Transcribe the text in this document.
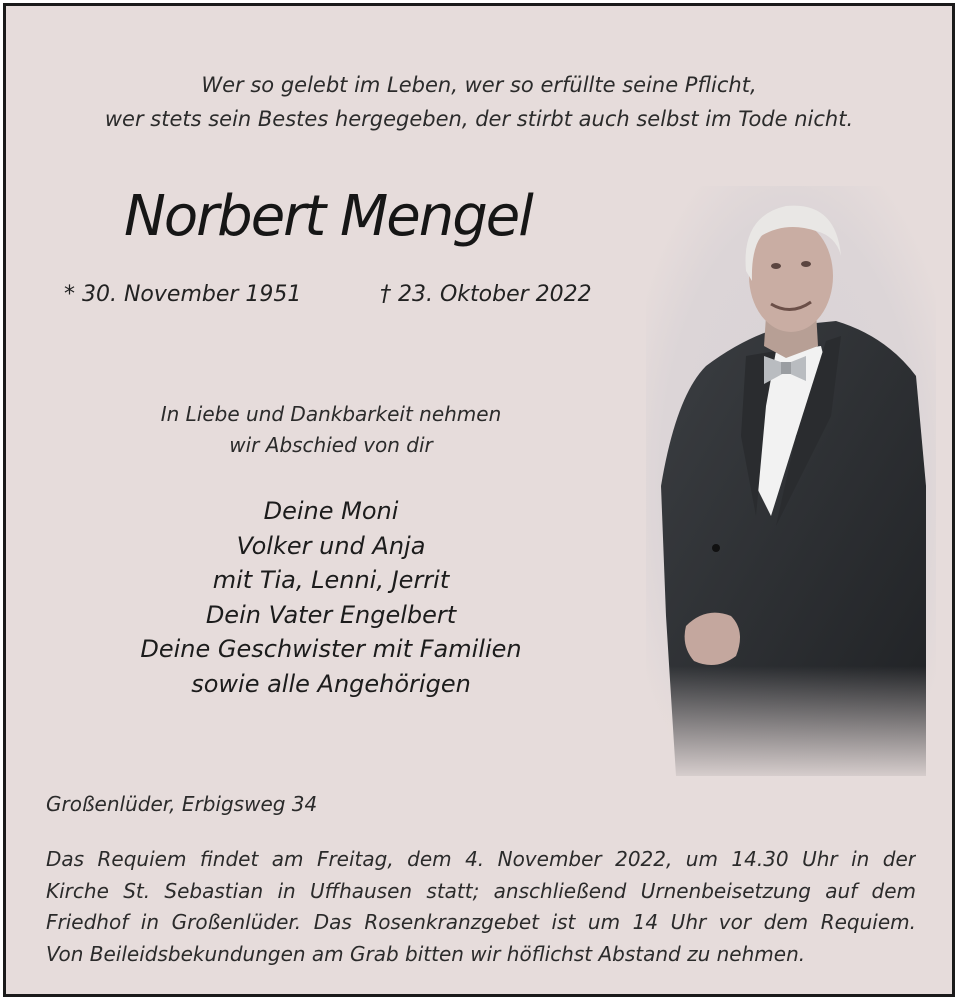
Wer so gelebt im Leben, wer so erfüllte seine Pflicht,
wer stets sein Bestes hergegeben, der stirbt auch selbst im Tode nicht.
Norbert Mengel
* 30. November 1951	† 23. Oktober 2022
In Liebe und Dankbarkeit nehmen
wir Abschied von dir
Deine Moni
Volker und Anja
mit Tia, Lenni, Jerrit
Dein Vater Engelbert
Deine Geschwister mit Familien
sowie alle Angehörigen
Großenlüder, Erbigsweg 34
Das Requiem findet am Freitag, dem 4. November 2022, um 14.30 Uhr in der
Kirche St. Sebastian in Uffhausen statt; anschließend Urnenbeisetzung auf dem
Friedhof in Großenlüder. Das Rosenkranzgebet ist um 14 Uhr vor dem Requiem.
Von Beileidsbekundungen am Grab bitten wir höflichst Abstand zu nehmen.
